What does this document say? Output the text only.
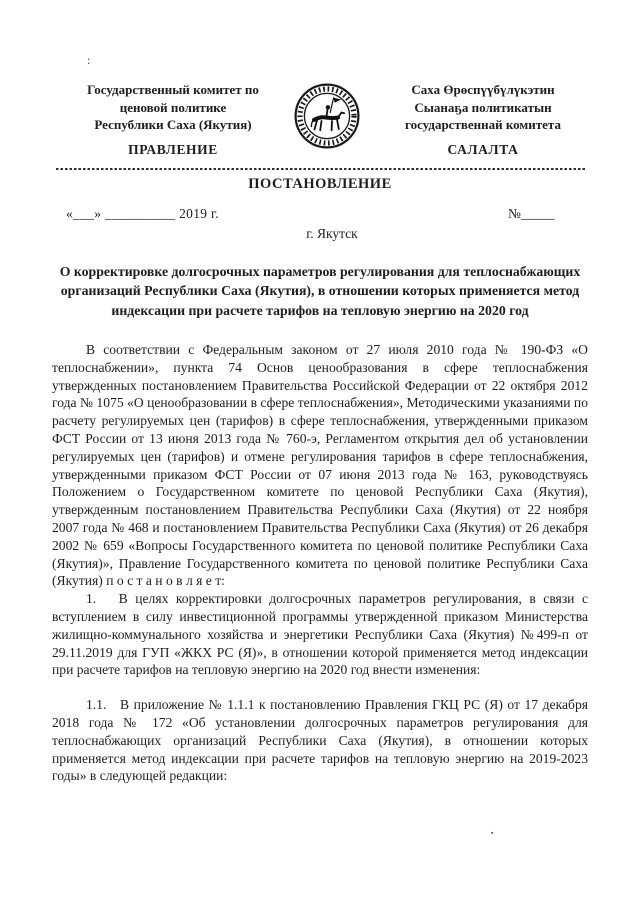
:
Государственный комитет по
ценовой политике
Республики Саха (Якутия)
Саха Өрөспүүбүлүкэтин
Сыанаҕа политикатын
государственнай комитета
ПРАВЛЕНИЕ	САЛАЛТА
ПОСТАНОВЛЕНИЕ
«___» __________ 2019 г.	№_____
г. Якутск
О корректировке долгосрочных параметров регулирования для теплоснабжающих
организаций Республики Саха (Якутия), в отношении которых применяется метод
индексации при расчете тарифов на тепловую энергию на 2020 год

В соответствии с Федеральным законом от 27 июля 2010 года № 190-ФЗ «О теплоснабжении», пункта 74 Основ ценообразования в сфере теплоснабжения утвержденных постановлением Правительства Российской Федерации от 22 октября 2012 года № 1075 «О ценообразовании в сфере теплоснабжения», Методическими указаниями по расчету регулируемых цен (тарифов) в сфере теплоснабжения, утвержденными приказом ФСТ России от 13 июня 2013 года № 760-э, Регламентом открытия дел об установлении регулируемых цен (тарифов) и отмене регулирования тарифов в сфере теплоснабжения, утвержденными приказом ФСТ России от 07 июня 2013 года № 163, руководствуясь Положением о Государственном комитете по ценовой Республики Саха (Якутия), утвержденным постановлением Правительства Республики Саха (Якутия) от 22 ноября 2007 года № 468 и постановлением Правительства Республики Саха (Якутия) от 26 декабря 2002 № 659 «Вопросы Государственного комитета по ценовой политике Республики Саха (Якутия)», Правление Государственного комитета по ценовой политике Республики Саха (Якутия) п о с т а н о в л я е т:

1.   В целях корректировки долгосрочных параметров регулирования, в связи с вступлением в силу инвестиционной программы утвержденной приказом Министерства жилищно-коммунального хозяйства и энергетики Республики Саха (Якутия) №499-п от 29.11.2019 для ГУП «ЖКХ РС (Я)», в отношении которой применяется метод индексации при расчете тарифов на тепловую энергию на 2020 год внести изменения:

1.1.   В приложение № 1.1.1 к постановлению Правления ГКЦ РС (Я) от 17 декабря 2018 года № 172 «Об установлении долгосрочных параметров регулирования для теплоснабжающих организаций Республики Саха (Якутия), в отношении которых применяется метод индексации при расчете тарифов на тепловую энергию на 2019-2023 годы» в следующей редакции:

▪
